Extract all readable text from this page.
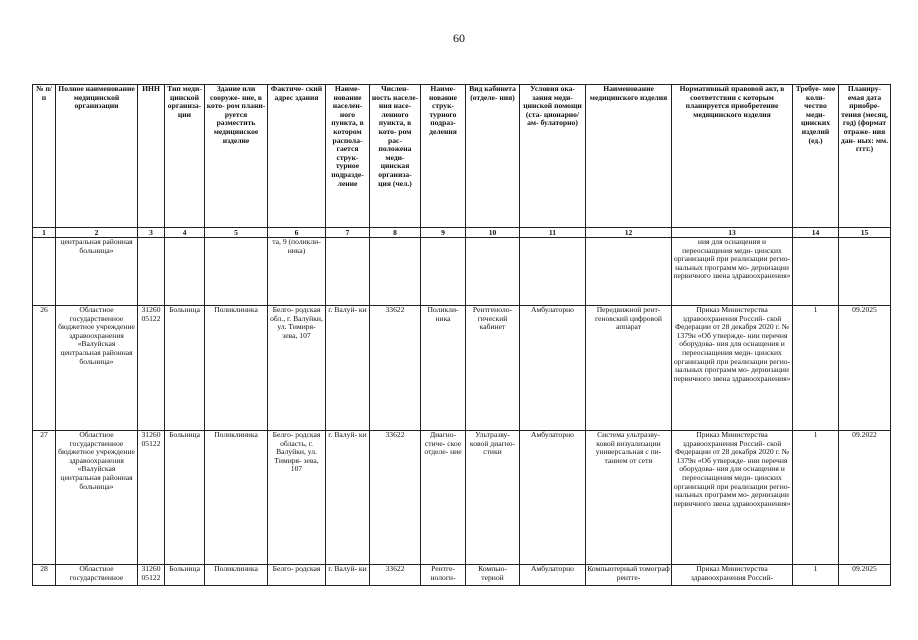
60
№ п/п	Полное наименование медицинской организации	ИНН	Тип меди- цинской организа- ции	Здание или сооруже- ние, в кото- ром плани- руется разместить медицинское изделие	Фактиче- ский адрес здания	Наиме- нование населен- ного пункта, в котором распола- гается струк- турное подразде- ление	Числен- ность населе- ния насе- ленного пункта, в кото- ром рас- положена меди- цинская организа- ция (чел.)	Наиме- нование струк- турного подраз- деления	Вид кабинета (отделе- ния)	Условия ока- зания меди- цинской помощи (ста- ционарно/ам- булаторно)	Наименование медицинского изделия	Нормативный правовой акт, в соответствии с которым планируется приобретение медицинского изделия	Требуе- мое коли- чество меди- цинских изделий (ед.)	Планиру- емая дата приобре- тения (месяц, год) (формат отраже- ния дан- ных: мм. гггг.)
1	2	3	4	5	6	7	8	9	10	11	12	13	14	15
	центральная районная больница»				та, 9 (поликли- ника)							ния для оснащения и переоснащения меди- цинских организаций при реализации регио- нальных программ мо- дернизации первичного звена здравоохранения»		
26	Областное государственное бюджетное учреждение здравоохранения «Валуйская центральная районная больница»	31260 05122	Больница	Поликлиника	Белго- родская обл., г. Валуйки, ул. Тимиря- зева, 107	г. Валуй- ки	33622	Поликли- ника	Рентгеноло- гический кабинет	Амбулаторно	Передвижной рент- геновский цифровой аппарат	Приказ Министерства здравоохранения Россий- ской Федерации от 28 декабря 2020 г. № 1379н «Об утвержде- нии перечня оборудова- ния для оснащения и переоснащения меди- цинских организаций при реализации регио- нальных программ мо- дернизации первичного звена здравоохранения»	1	09.2025
27	Областное государственное бюджетное учреждение здравоохранения «Валуйская центральная районная больница»	31260 05122	Больница	Поликлиника	Белго- родская область, г. Валуйки, ул. Тимиря- зева, 107	г. Валуй- ки	33622	Диагно- стиче- ское отделе- ние	Ультразву- ковой диагно- стики	Амбулаторно	Система ультразву- ковой визуализации универсальная с пи- танием от сети	Приказ Министерства здравоохранения Россий- ской Федерации от 28 декабря 2020 г. № 1379н «Об утвержде- нии перечня оборудова- ния для оснащения и переоснащения меди- цинских организаций при реализации регио- нальных программ мо- дернизации первичного звена здравоохранения»	1	09.2022
28	Областное государственное	31260 05122	Больница	Поликлиника	Белго- родская	г. Валуй- ки	33622	Рентге- нологи-	Компью- терной	Амбулаторно	Компьютерный томограф рентге-	Приказ Министерства здравоохранения Россий-	1	09.2025
